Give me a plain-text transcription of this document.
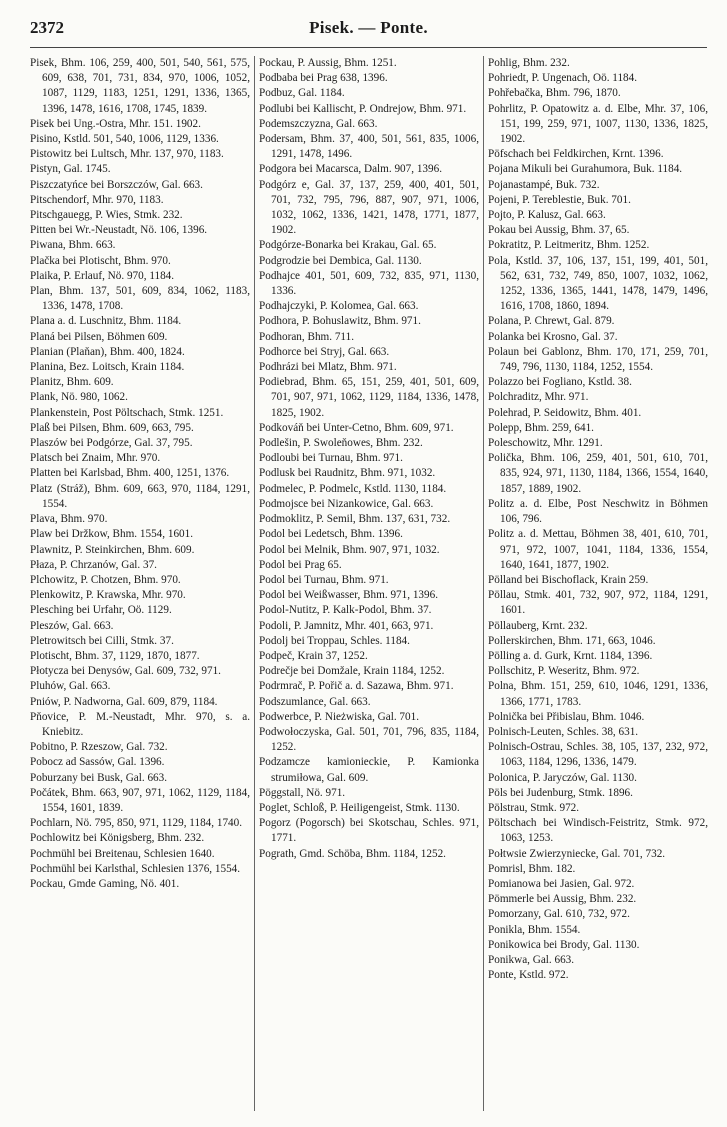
2372	Pisek. — Ponte.
Pisek, Bhm. 106, 259, 400, 501, 540, 561, 575, 609, 638, 701, 731, 834, 970, 1006, 1052, 1087, 1129, 1183, 1251, 1291, 1336, 1365, 1396, 1478, 1616, 1708, 1745, 1839.
Pisek bei Ung.-Ostra, Mhr. 151. 1902.
Pisino, Kstld. 501, 540, 1006, 1129, 1336.
Pistowitz bei Lultsch, Mhr. 137, 970, 1183.
Pistyn, Gal. 1745.
Piszczatyńce bei Borszczów, Gal. 663.
Pitschendorf, Mhr. 970, 1183.
Pitschgauegg, P. Wies, Stmk. 232.
Pitten bei Wr.-Neustadt, Nö. 106, 1396.
Piwana, Bhm. 663.
Plačka bei Plotischt, Bhm. 970.
Plaika, P. Erlauf, Nö. 970, 1184.
Plan, Bhm. 137, 501, 609, 834, 1062, 1183, 1336, 1478, 1708.
Plana a. d. Luschnitz, Bhm. 1184.
Planá bei Pilsen, Böhmen 609.
Planian (Plaňan), Bhm. 400, 1824.
Planina, Bez. Loitsch, Krain 1184.
Planitz, Bhm. 609.
Plank, Nö. 980, 1062.
Plankenstein, Post Pöltschach, Stmk. 1251.
Plaß bei Pilsen, Bhm. 609, 663, 795.
Plaszów bei Podgórze, Gal. 37, 795.
Platsch bei Znaim, Mhr. 970.
Platten bei Karlsbad, Bhm. 400, 1251, 1376.
Platz (Stráž), Bhm. 609, 663, 970, 1184, 1291, 1554.
Plava, Bhm. 970.
Plaw bei Držkow, Bhm. 1554, 1601.
Plawnitz, P. Steinkirchen, Bhm. 609.
Płaza, P. Chrzanów, Gal. 37.
Plchowitz, P. Chotzen, Bhm. 970.
Plenkowitz, P. Krawska, Mhr. 970.
Plesching bei Urfahr, Oö. 1129.
Pleszów, Gal. 663.
Pletrowitsch bei Cilli, Stmk. 37.
Plotischt, Bhm. 37, 1129, 1870, 1877.
Płotycza bei Denysów, Gal. 609, 732, 971.
Pluhów, Gal. 663.
Pniów, P. Nadworna, Gal. 609, 879, 1184.
Pňovice, P. M.-Neustadt, Mhr. 970, s. a. Kniebitz.
Pobitno, P. Rzeszow, Gal. 732.
Pobocz ad Sassów, Gal. 1396.
Poburzany bei Busk, Gal. 663.
Počátek, Bhm. 663, 907, 971, 1062, 1129, 1184, 1554, 1601, 1839.
Pochlarn, Nö. 795, 850, 971, 1129, 1184, 1740.
Pochlowitz bei Königsberg, Bhm. 232.
Pochmühl bei Breitenau, Schlesien 1640.
Pochmühl bei Karlsthal, Schlesien 1376, 1554.
Pockau, Gmde Gaming, Nö. 401.
Pockau, P. Aussig, Bhm. 1251.
Podbaba bei Prag 638, 1396.
Podbuz, Gal. 1184.
Podlubi bei Kallischt, P. Ondrejow, Bhm. 971.
Podemszczyzna, Gal. 663.
Podersam, Bhm. 37, 400, 501, 561, 835, 1006, 1291, 1478, 1496.
Podgora bei Macarsca, Dalm. 907, 1396.
Podgórz e, Gal. 37, 137, 259, 400, 401, 501, 701, 732, 795, 796, 887, 907, 971, 1006, 1032, 1062, 1336, 1421, 1478, 1771, 1877, 1902.
Podgórze-Bonarka bei Krakau, Gal. 65.
Podgrodzie bei Dembica, Gal. 1130.
Podhajce 401, 501, 609, 732, 835, 971, 1130, 1336.
Podhajczyki, P. Kolomea, Gal. 663.
Podhora, P. Bohuslawitz, Bhm. 971.
Podhoran, Bhm. 711.
Podhorce bei Stryj, Gal. 663.
Podhrázi bei Mlatz, Bhm. 971.
Podiebrad, Bhm. 65, 151, 259, 401, 501, 609, 701, 907, 971, 1062, 1129, 1184, 1336, 1478, 1825, 1902.
Podkováň bei Unter-Cetno, Bhm. 609, 971.
Podlešin, P. Swoleňowes, Bhm. 232.
Podloubi bei Turnau, Bhm. 971.
Podlusk bei Raudnitz, Bhm. 971, 1032.
Podmelec, P. Podmelc, Kstld. 1130, 1184.
Podmojsce bei Nizankowice, Gal. 663.
Podmoklitz, P. Semil, Bhm. 137, 631, 732.
Podol bei Ledetsch, Bhm. 1396.
Podol bei Melnik, Bhm. 907, 971, 1032.
Podol bei Prag 65.
Podol bei Turnau, Bhm. 971.
Podol bei Weißwasser, Bhm. 971, 1396.
Podol-Nutitz, P. Kalk-Podol, Bhm. 37.
Podoli, P. Jamnitz, Mhr. 401, 663, 971.
Podolj bei Troppau, Schles. 1184.
Podpeč, Krain 37, 1252.
Podrečje bei Domžale, Krain 1184, 1252.
Podrmrač, P. Pořič a. d. Sazawa, Bhm. 971.
Podszumlance, Gal. 663.
Podwerbce, P. Nieżwiska, Gal. 701.
Podwołoczyska, Gal. 501, 701, 796, 835, 1184, 1252.
Podzamcze kamionieckie, P. Kamionka strumiłowa, Gal. 609.
Pöggstall, Nö. 971.
Poglet, Schloß, P. Heiligengeist, Stmk. 1130.
Pogorz (Pogorsch) bei Skotschau, Schles. 971, 1771.
Pograth, Gmd. Schöba, Bhm. 1184, 1252.
Pohlig, Bhm. 232.
Pohriedt, P. Ungenach, Oö. 1184.
Pohřebačka, Bhm. 796, 1870.
Pohrlitz, P. Opatowitz a. d. Elbe, Mhr. 37, 106, 151, 199, 259, 971, 1007, 1130, 1336, 1825, 1902.
Pöfschach bei Feldkirchen, Krnt. 1396.
Pojana Mikuli bei Gurahumora, Buk. 1184.
Pojanastampé, Buk. 732.
Pojeni, P. Tereblestie, Buk. 701.
Pojto, P. Kalusz, Gal. 663.
Pokau bei Aussig, Bhm. 37, 65.
Pokratitz, P. Leitmeritz, Bhm. 1252.
Pola, Kstld. 37, 106, 137, 151, 199, 401, 501, 562, 631, 732, 749, 850, 1007, 1032, 1062, 1252, 1336, 1365, 1441, 1478, 1479, 1496, 1616, 1708, 1860, 1894.
Polana, P. Chrewt, Gal. 879.
Polanka bei Krosno, Gal. 37.
Polaun bei Gablonz, Bhm. 170, 171, 259, 701, 749, 796, 1130, 1184, 1252, 1554.
Polazzo bei Fogliano, Kstld. 38.
Polchraditz, Mhr. 971.
Polehrad, P. Seidowitz, Bhm. 401.
Polepp, Bhm. 259, 641.
Poleschowitz, Mhr. 1291.
Polička, Bhm. 106, 259, 401, 501, 610, 701, 835, 924, 971, 1130, 1184, 1366, 1554, 1640, 1857, 1889, 1902.
Politz a. d. Elbe, Post Neschwitz in Böhmen 106, 796.
Politz a. d. Mettau, Böhmen 38, 401, 610, 701, 971, 972, 1007, 1041, 1184, 1336, 1554, 1640, 1641, 1877, 1902.
Pölland bei Bischoflack, Krain 259.
Pöllau, Stmk. 401, 732, 907, 972, 1184, 1291, 1601.
Pöllauberg, Krnt. 232.
Pollerskirchen, Bhm. 171, 663, 1046.
Pölling a. d. Gurk, Krnt. 1184, 1396.
Pollschitz, P. Weseritz, Bhm. 972.
Polna, Bhm. 151, 259, 610, 1046, 1291, 1336, 1366, 1771, 1783.
Polnička bei Přibislau, Bhm. 1046.
Polnisch-Leuten, Schles. 38, 631.
Polnisch-Ostrau, Schles. 38, 105, 137, 232, 972, 1063, 1184, 1296, 1336, 1479.
Polonica, P. Jaryczów, Gal. 1130.
Pöls bei Judenburg, Stmk. 1896.
Pölstrau, Stmk. 972.
Pöltschach bei Windisch-Feistritz, Stmk. 972, 1063, 1253.
Połtwsie Zwierzyniecke, Gal. 701, 732.
Pomrisl, Bhm. 182.
Pomianowa bei Jasien, Gal. 972.
Pömmerle bei Aussig, Bhm. 232.
Pomorzany, Gal. 610, 732, 972.
Ponikla, Bhm. 1554.
Ponikowica bei Brody, Gal. 1130.
Ponikwa, Gal. 663.
Ponte, Kstld. 972.
